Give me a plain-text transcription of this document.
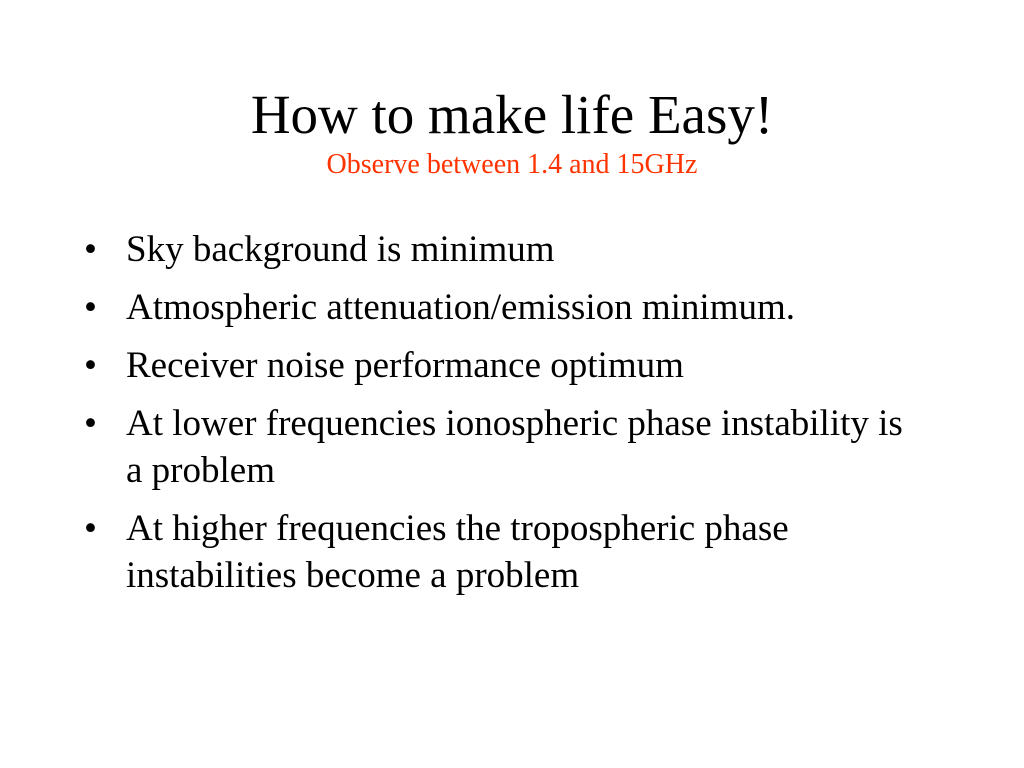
How to make life Easy!

Observe between 1.4 and 15GHz

• Sky background is minimum
• Atmospheric attenuation/emission minimum.
• Receiver noise performance optimum
• At lower frequencies ionospheric phase instability is a problem
• At higher frequencies the tropospheric phase instabilities become a problem
